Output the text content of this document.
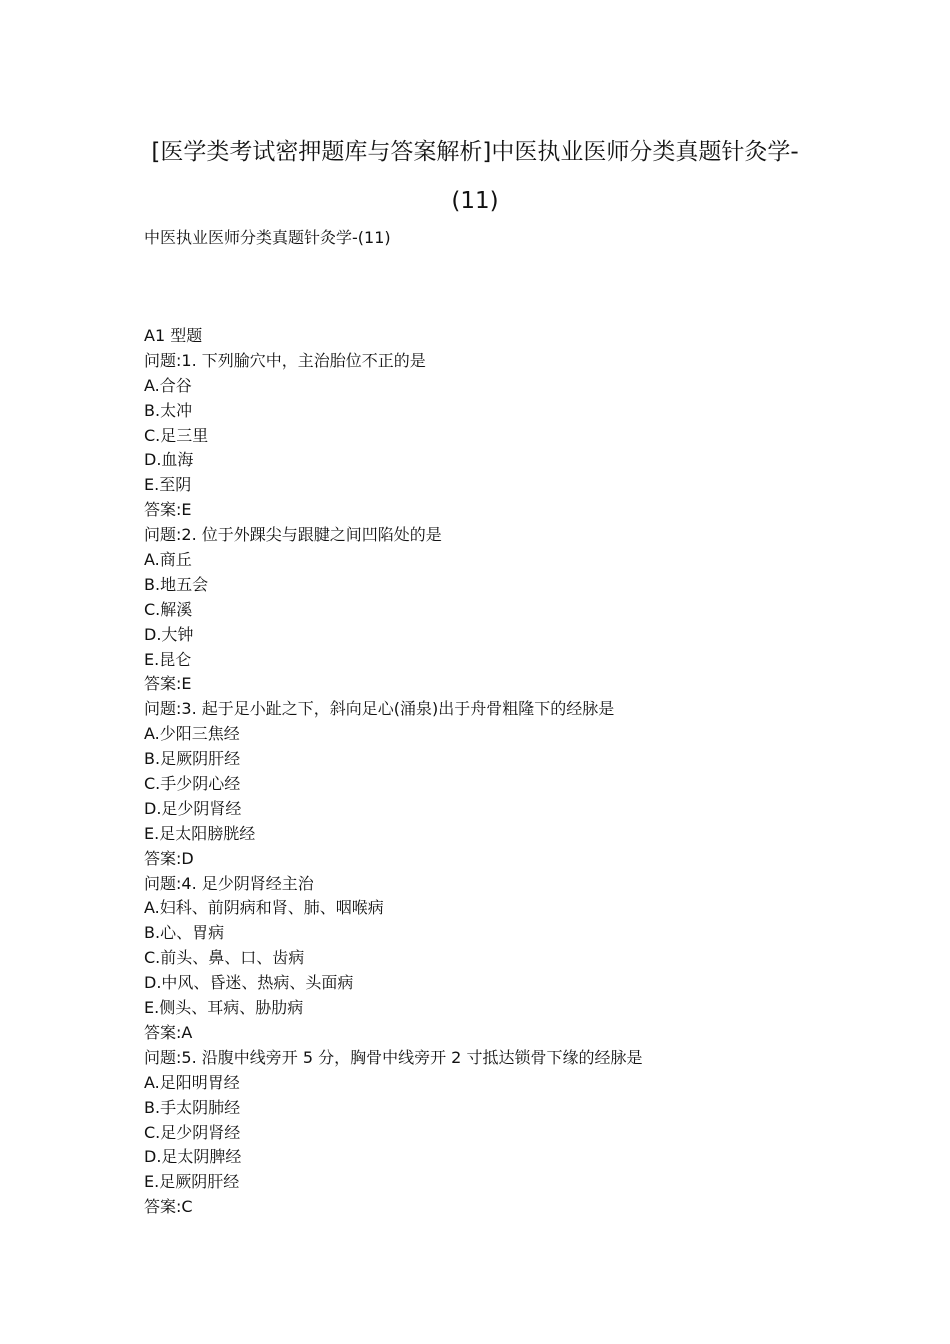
[医学类考试密押题库与答案解析]中医执业医师分类真题针灸学-
(11)
中医执业医师分类真题针灸学-(11)
A1 型题
问题:1. 下列腧穴中，主治胎位不正的是
A.合谷
B.太冲
C.足三里
D.血海
E.至阴
答案:E
问题:2. 位于外踝尖与跟腱之间凹陷处的是
A.商丘
B.地五会
C.解溪
D.大钟
E.昆仑
答案:E
问题:3. 起于足小趾之下，斜向足心(涌泉)出于舟骨粗隆下的经脉是
A.少阳三焦经
B.足厥阴肝经
C.手少阴心经
D.足少阴肾经
E.足太阳膀胱经
答案:D
问题:4. 足少阴肾经主治
A.妇科、前阴病和肾、肺、咽喉病
B.心、胃病
C.前头、鼻、口、齿病
D.中风、昏迷、热病、头面病
E.侧头、耳病、胁肋病
答案:A
问题:5. 沿腹中线旁开 5 分，胸骨中线旁开 2 寸抵达锁骨下缘的经脉是
A.足阳明胃经
B.手太阴肺经
C.足少阴肾经
D.足太阴脾经
E.足厥阴肝经
答案:C
